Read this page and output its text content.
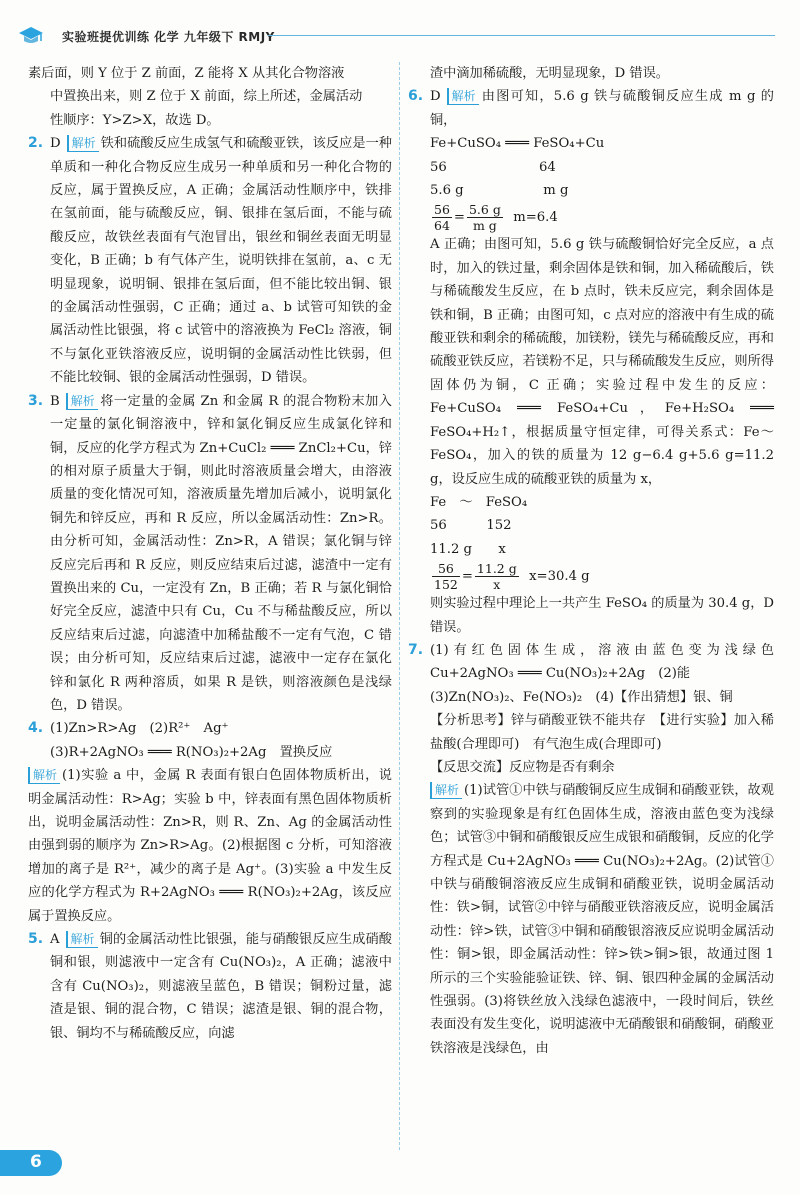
实验班提优训练 化学 九年级下 RMJY

素后面，则 Y 位于 Z 前面，Z 能将 X 从其化合物溶液

中置换出来，则 Z 位于 X 前面，综上所述，金属活动

性顺序：Y>Z>X，故选 D。

2. D 解析 铁和硫酸反应生成氢气和硫酸亚铁，该反应是一种单质和一种化合物反应生成另一种单质和另一种化合物的反应，属于置换反应，A 正确；金属活动性顺序中，铁排在氢前面，能与硫酸反应，铜、银排在氢后面，不能与硫酸反应，故铁丝表面有气泡冒出，银丝和铜丝表面无明显变化，B 正确；b 有气体产生，说明铁排在氢前，a、c 无明显现象，说明铜、银排在氢后面，但不能比较出铜、银的金属活动性强弱，C 正确；通过 a、b 试管可知铁的金属活动性比银强，将 c 试管中的溶液换为 FeCl₂ 溶液，铜不与氯化亚铁溶液反应，说明铜的金属活动性比铁弱，但不能比较铜、银的金属活动性强弱，D 错误。
3. B 解析 将一定量的金属 Zn 和金属 R 的混合物粉末加入一定量的氯化铜溶液中，锌和氯化铜反应生成氯化锌和铜，反应的化学方程式为 Zn+CuCl₂ ═══ ZnCl₂+Cu，锌的相对原子质量大于铜，则此时溶液质量会增大，由溶液质量的变化情况可知，溶液质量先增加后减小，说明氯化铜先和锌反应，再和 R 反应，所以金属活动性：Zn>R。由分析可知，金属活动性：Zn>R，A 错误；氯化铜与锌反应完后再和 R 反应，则反应结束后过滤，滤渣中一定有置换出来的 Cu，一定没有 Zn，B 正确；若 R 与氯化铜恰好完全反应，滤渣中只有 Cu，Cu 不与稀盐酸反应，所以反应结束后过滤，向滤渣中加稀盐酸不一定有气泡，C 错误；由分析可知，反应结束后过滤，滤液中一定存在氯化锌和氯化 R 两种溶质，如果 R 是铁，则溶液颜色是浅绿色，D 错误。
4. (1)Zn>R>Ag　(2)R²⁺　Ag⁺

(3)R+2AgNO₃ ═══ R(NO₃)₂+2Ag　置换反应

解析 (1)实验 a 中，金属 R 表面有银白色固体物质析出，说明金属活动性：R>Ag；实验 b 中，锌表面有黑色固体物质析出，说明金属活动性：Zn>R，则 R、Zn、Ag 的金属活动性由强到弱的顺序为 Zn>R>Ag。(2)根据图 c 分析，可知溶液增加的离子是 R²⁺，减少的离子是 Ag⁺。(3)实验 a 中发生反应的化学方程式为 R+2AgNO₃ ═══ R(NO₃)₂+2Ag，该反应属于置换反应。

5. A 解析 铜的金属活动性比银强，能与硝酸银反应生成硝酸铜和银，则滤液中一定含有 Cu(NO₃)₂，A 正确；滤液中含有 Cu(NO₃)₂，则滤液呈蓝色，B 错误；铜粉过量，滤渣是银、铜的混合物，C 错误；滤渣是银、铜的混合物，银、铜均不与稀硫酸反应，向滤

渣中滴加稀硫酸，无明显现象，D 错误。

6. D 解析 由图可知，5.6 g 铁与硫酸铜反应生成 m g 的铜，

Fe+CuSO₄ ═══ FeSO₄+Cu

56                      64

5.6 g                   m g

$\frac{56}{64} = \frac{5.6 g}{\text{m g}} m=6.4$

A 正确；由图可知，5.6 g 铁与硫酸铜恰好完全反应，a 点时，加入的铁过量，剩余固体是铁和铜，加入稀硫酸后，铁与稀硫酸发生反应，在 b 点时，铁未反应完，剩余固体是铁和铜，B 正确；由图可知，c 点对应的溶液中有生成的硫酸亚铁和剩余的稀硫酸，加镁粉，镁先与稀硫酸反应，再和硫酸亚铁反应，若镁粉不足，只与稀硫酸发生反应，则所得固体仍为铜，C 正确；实验过程中发生的反应：Fe+CuSO₄ ═══ FeSO₄+Cu，Fe+H₂SO₄ ═══ FeSO₄+H₂↑，根据质量守恒定律，可得关系式：Fe～FeSO₄，加入的铁的质量为 12 g−6.4 g+5.6 g=11.2 g，设反应生成的硫酸亚铁的质量为 x，

Fe　～　FeSO₄

56　　　152

11.2 g　　x

$\frac{56}{152} = \frac{11.2 g}{x} x=30.4$ g

则实验过程中理论上一共产生 FeSO₄ 的质量为 30.4 g，D 错误。

7. (1)有红色固体生成，溶液由蓝色变为浅绿色　Cu+2AgNO₃ ═══ Cu(NO₃)₂+2Ag　(2)能

(3)Zn(NO₃)₂、Fe(NO₃)₂　(4)【作出猜想】银、铜

【分析思考】锌与硝酸亚铁不能共存　【进行实验】加入稀盐酸(合理即可)　有气泡生成(合理即可)

【反思交流】反应物是否有剩余

解析 (1)试管①中铁与硝酸铜反应生成铜和硝酸亚铁，故观察到的实验现象是有红色固体生成，溶液由蓝色变为浅绿色；试管③中铜和硝酸银反应生成银和硝酸铜，反应的化学方程式是 Cu+2AgNO₃ ═══ Cu(NO₃)₂+2Ag。(2)试管①中铁与硝酸铜溶液反应生成铜和硝酸亚铁，说明金属活动性：铁>铜，试管②中锌与硝酸亚铁溶液反应，说明金属活动性：锌>铁，试管③中铜和硝酸银溶液反应说明金属活动性：铜>银，即金属活动性：锌>铁>铜>银，故通过图 1 所示的三个实验能验证铁、锌、铜、银四种金属的金属活动性强弱。(3)将铁丝放入浅绿色滤液中，一段时间后，铁丝表面没有发生变化，说明滤液中无硝酸银和硝酸铜，硝酸亚铁溶液是浅绿色，由

6
